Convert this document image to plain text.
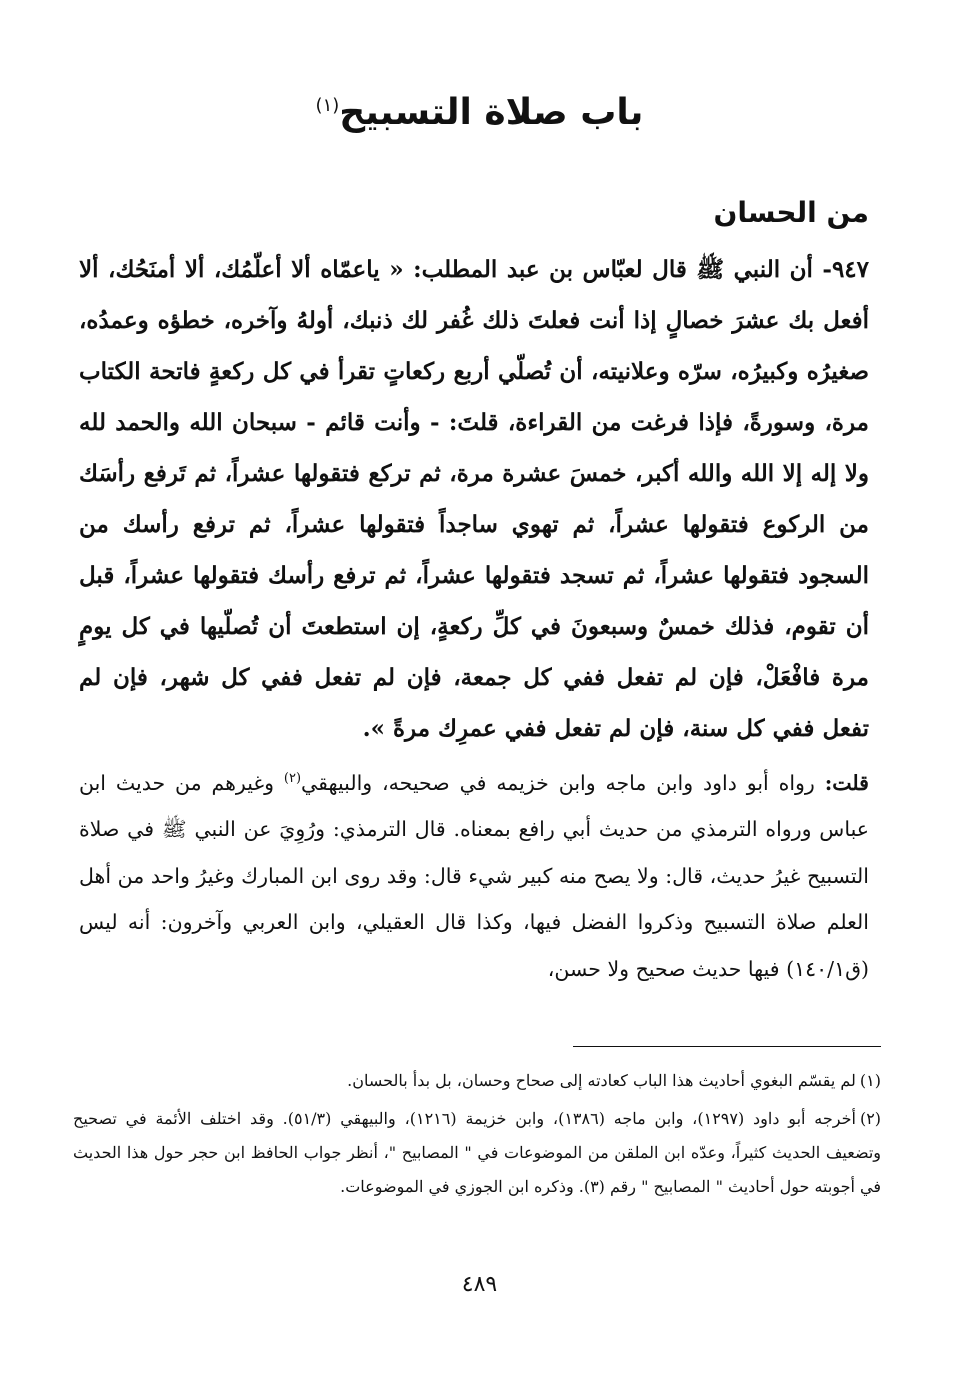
باب صلاة التسبيح$^{(١)}$
من الحسان

٩٤٧- أن النبي ﷺ قال لعبّاس بن عبد المطلب: « ياعمّاه ألا أعلّمُك، ألا أمنَحُك، ألا أفعل بك عشرَ خصالٍ إذا أنت فعلتَ ذلك غُفر لك ذنبك، أولهُ وآخره، خطؤه وعمدُه، صغيرُه وكبيرُه، سرّه وعلانيته، أن تُصلّي أربع ركعاتٍ تقرأ في كل ركعةٍ فاتحة الكتاب مرة، وسورةً، فإذا فرغت من القراءة، قلتَ: - وأنت قائم - سبحان الله والحمد لله ولا إله إلا الله والله أكبر، خمسَ عشرة مرة، ثم تركع فتقولها عشراً، ثم تَرفع رأسَك من الركوع فتقولها عشراً، ثم تهوي ساجداً فتقولها عشراً، ثم ترفع رأسك من السجود فتقولها عشراً، ثم تسجد فتقولها عشراً، ثم ترفع رأسك فتقولها عشراً، قبل أن تقوم، فذلك خمسٌ وسبعونَ في كلِّ ركعةٍ، إن استطعتَ أن تُصلّيها في كل يومٍ مرة فافْعَلْ، فإن لم تفعل ففي كل جمعة، فإن لم تفعل ففي كل شهر، فإن لم تفعل ففي كل سنة، فإن لم تفعل ففي عمرِك مرةً ».

قلت: رواه أبو داود وابن ماجه وابن خزيمه في صحيحه، والبيهقي$^{(٢)}$ وغيرهم من حديث ابن عباس ورواه الترمذي من حديث أبي رافع بمعناه. قال الترمذي: ورُوِيَ عن النبي ﷺ في صلاة التسبيح غيرُ حديث، قال: ولا يصح منه كبير شيء قال: وقد روى ابن المبارك وغيرُ واحد من أهل العلم صلاة التسبيح وذكروا الفضل فيها، وكذا قال العقيلي، وابن العربي وآخرون: أنه ليس (ق١٤٠/١) فيها حديث صحيح ولا حسن،

(١)لم يقسّم البغوي أحاديث هذا الباب كعادته إلى صحاح وحسان، بل بدأ بالحسان.

(٢)أخرجه أبو داود (١٢٩٧)، وابن ماجه (١٣٨٦)، وابن خزيمة (١٢١٦)، والبيهقي (٥١/٣). وقد اختلف الأئمة في تصحيح وتضعيف الحديث كثيراً، وعدّه ابن الملقن من الموضوعات في " المصابيح "، أنظر جواب الحافظ ابن حجر حول هذا الحديث في أجوبته حول أحاديث " المصابيح " رقم (٣). وذكره ابن الجوزي في الموضوعات.

٤٨٩
